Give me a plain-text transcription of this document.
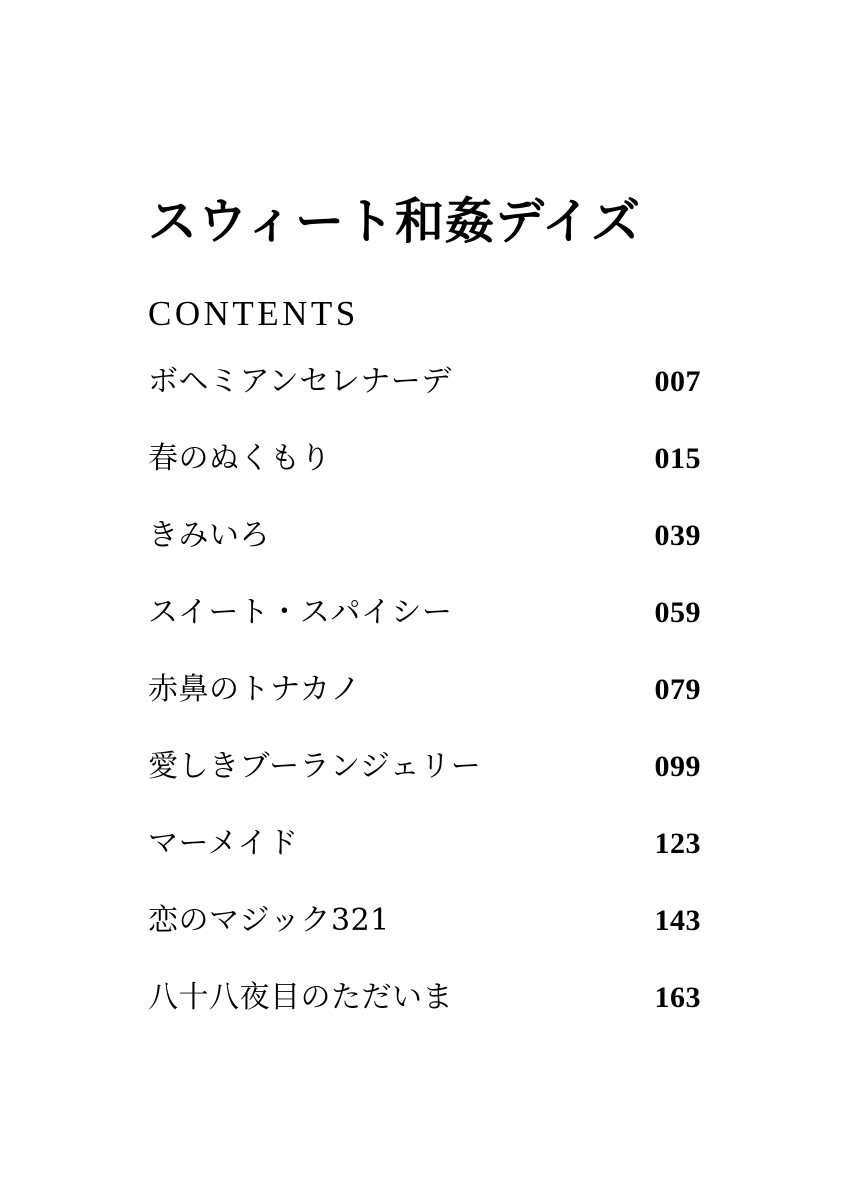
スウィート和姦デイズ
CONTENTS
ボヘミアンセレナーデ	007
春のぬくもり	015
きみいろ	039
スイート・スパイシー	059
赤鼻のトナカノ	079
愛しきブーランジェリー	099
マーメイド	123
恋のマジック321	143
八十八夜目のただいま	163
